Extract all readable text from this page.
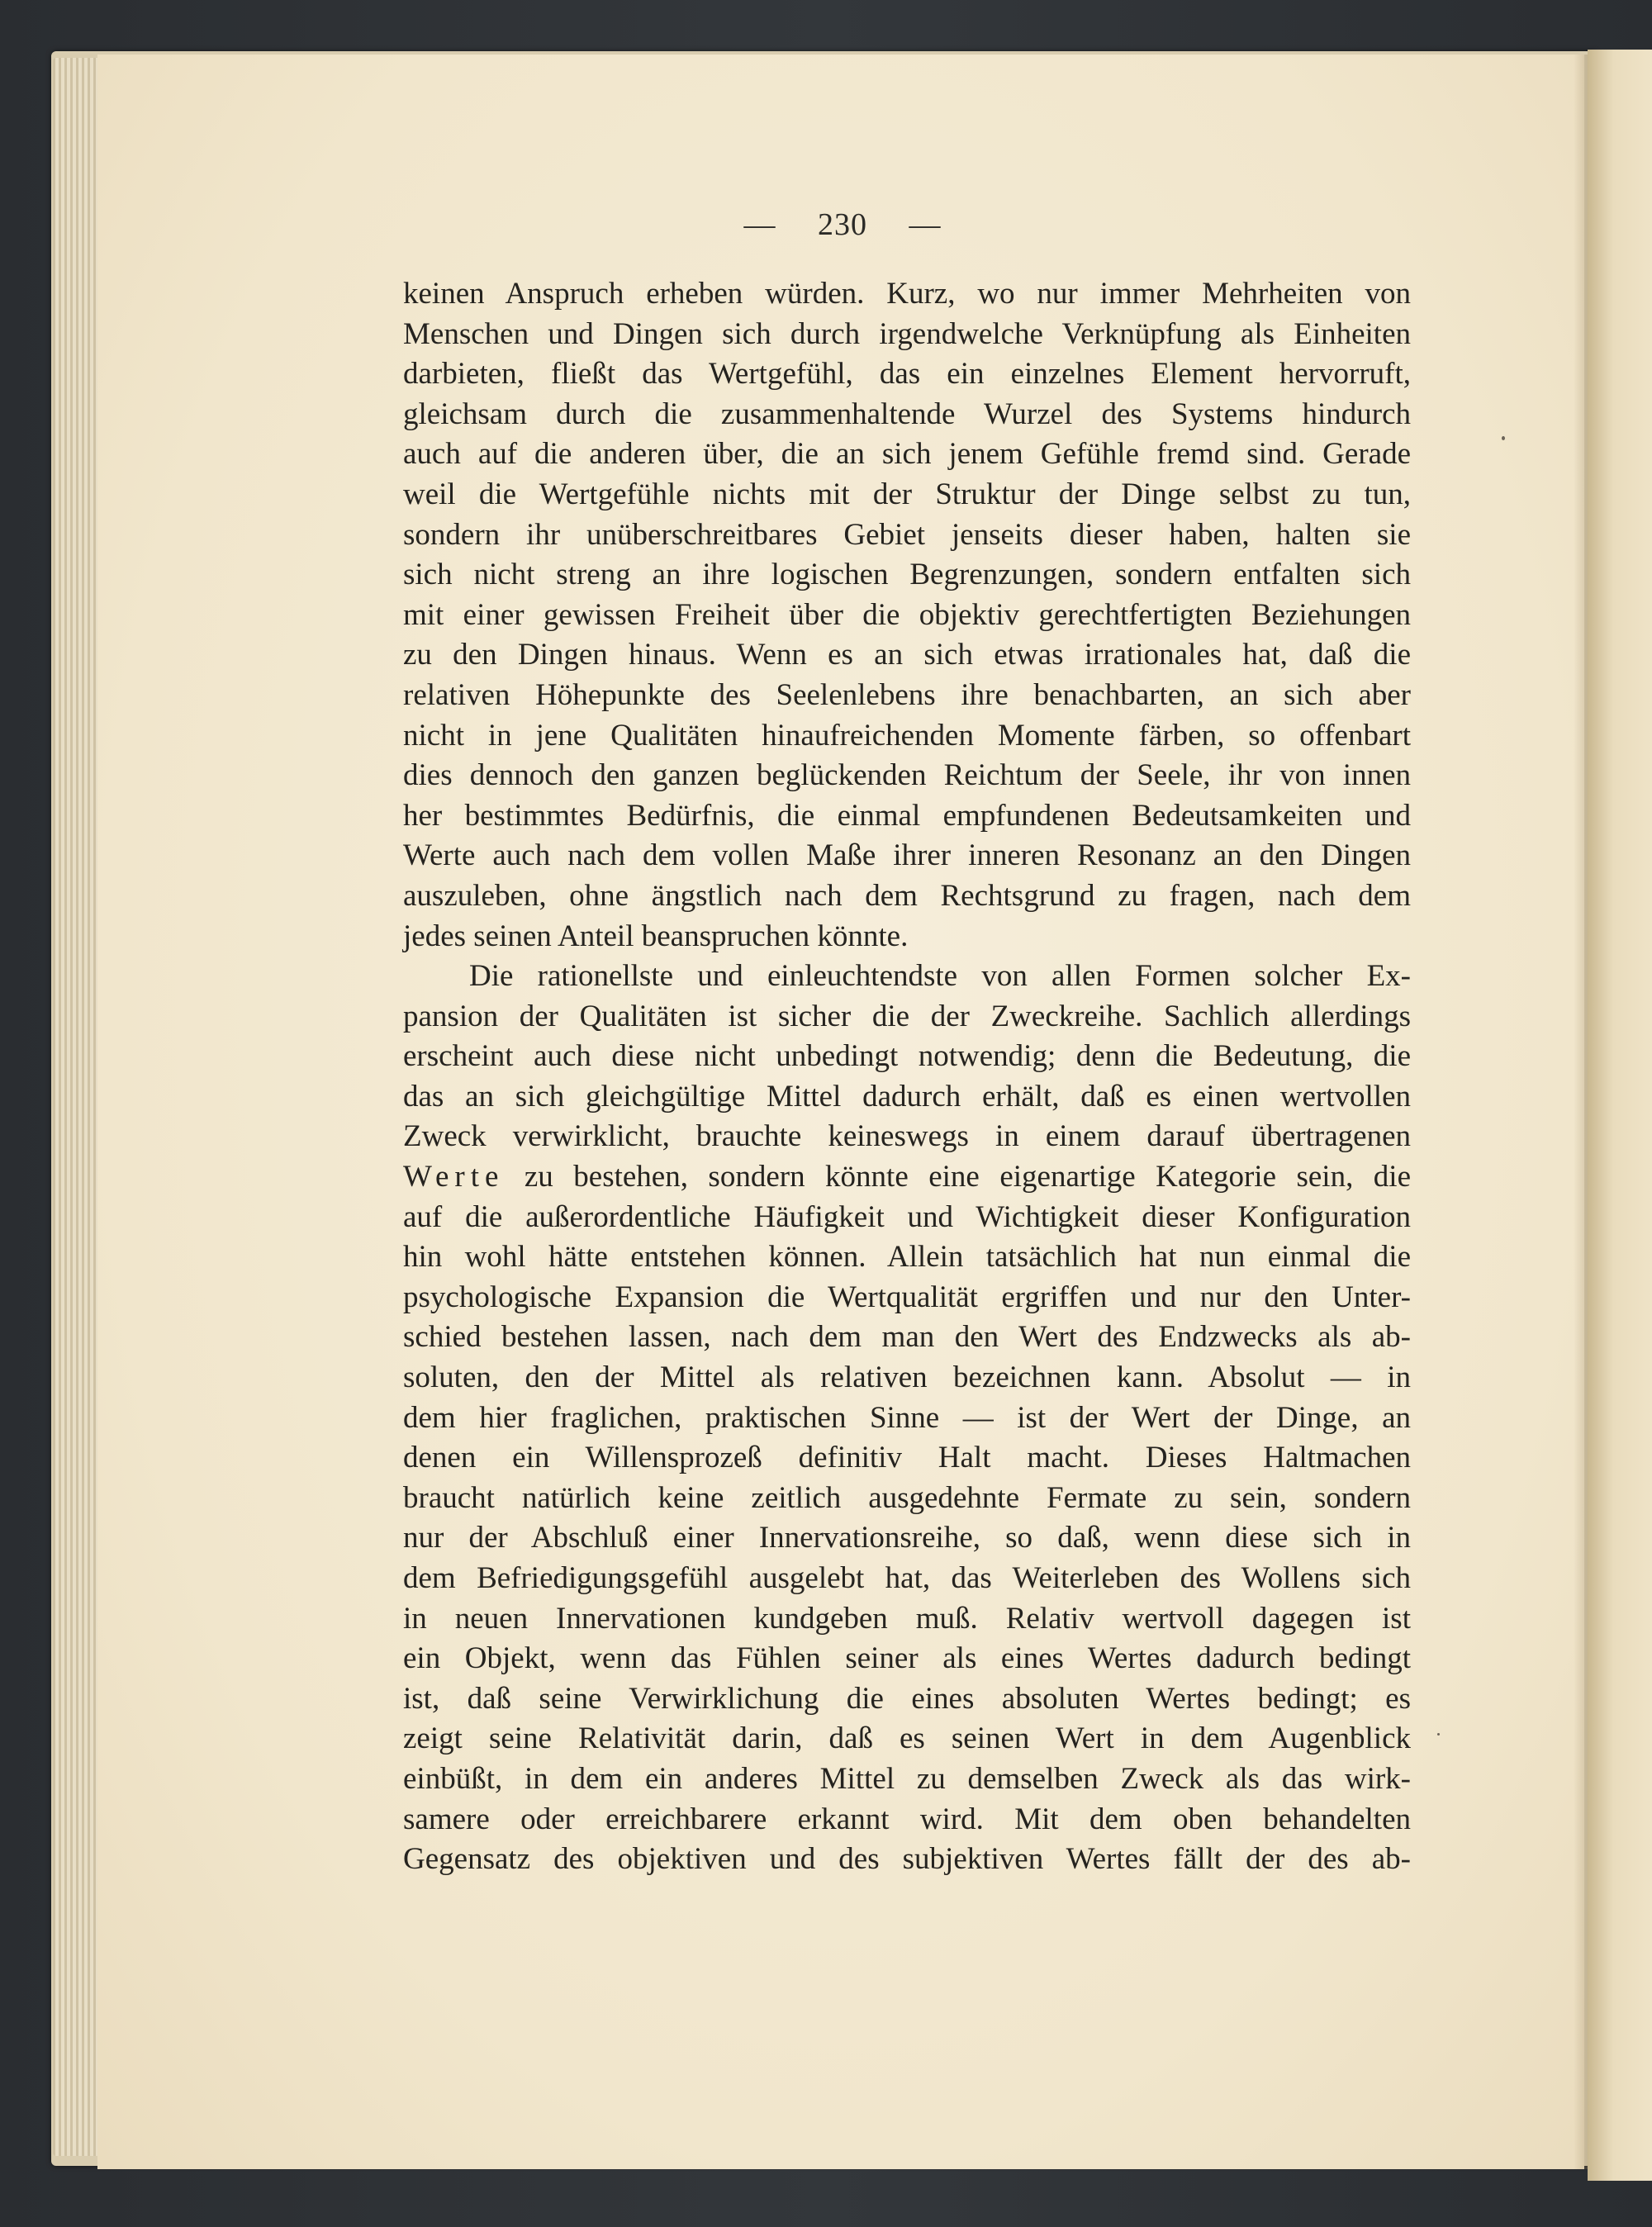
— 230 —
keinen Anspruch erheben würden. Kurz, wo nur immer Mehrheiten von
Menschen und Dingen sich durch irgendwelche Verknüpfung als Einheiten
darbieten, fließt das Wertgefühl, das ein einzelnes Element hervorruft,
gleichsam durch die zusammenhaltende Wurzel des Systems hindurch
auch auf die anderen über, die an sich jenem Gefühle fremd sind. Gerade
weil die Wertgefühle nichts mit der Struktur der Dinge selbst zu tun,
sondern ihr unüberschreitbares Gebiet jenseits dieser haben, halten sie
sich nicht streng an ihre logischen Begrenzungen, sondern entfalten sich
mit einer gewissen Freiheit über die objektiv gerechtfertigten Beziehungen
zu den Dingen hinaus. Wenn es an sich etwas irrationales hat, daß die
relativen Höhepunkte des Seelenlebens ihre benachbarten, an sich aber
nicht in jene Qualitäten hinaufreichenden Momente färben, so offenbart
dies dennoch den ganzen beglückenden Reichtum der Seele, ihr von innen
her bestimmtes Bedürfnis, die einmal empfundenen Bedeutsamkeiten und
Werte auch nach dem vollen Maße ihrer inneren Resonanz an den Dingen
auszuleben, ohne ängstlich nach dem Rechtsgrund zu fragen, nach dem
jedes seinen Anteil beanspruchen könnte.
Die rationellste und einleuchtendste von allen Formen solcher Ex-
pansion der Qualitäten ist sicher die der Zweckreihe. Sachlich allerdings
erscheint auch diese nicht unbedingt notwendig; denn die Bedeutung, die
das an sich gleichgültige Mittel dadurch erhält, daß es einen wertvollen
Zweck verwirklicht, brauchte keineswegs in einem darauf übertragenen
Werte zu bestehen, sondern könnte eine eigenartige Kategorie sein, die
auf die außerordentliche Häufigkeit und Wichtigkeit dieser Konfiguration
hin wohl hätte entstehen können. Allein tatsächlich hat nun einmal die
psychologische Expansion die Wertqualität ergriffen und nur den Unter-
schied bestehen lassen, nach dem man den Wert des Endzwecks als ab-
soluten, den der Mittel als relativen bezeichnen kann. Absolut — in
dem hier fraglichen, praktischen Sinne — ist der Wert der Dinge, an
denen ein Willensprozeß definitiv Halt macht. Dieses Haltmachen
braucht natürlich keine zeitlich ausgedehnte Fermate zu sein, sondern
nur der Abschluß einer Innervationsreihe, so daß, wenn diese sich in
dem Befriedigungsgefühl ausgelebt hat, das Weiterleben des Wollens sich
in neuen Innervationen kundgeben muß. Relativ wertvoll dagegen ist
ein Objekt, wenn das Fühlen seiner als eines Wertes dadurch bedingt
ist, daß seine Verwirklichung die eines absoluten Wertes bedingt; es
zeigt seine Relativität darin, daß es seinen Wert in dem Augenblick
einbüßt, in dem ein anderes Mittel zu demselben Zweck als das wirk-
samere oder erreichbarere erkannt wird. Mit dem oben behandelten
Gegensatz des objektiven und des subjektiven Wertes fällt der des ab-
